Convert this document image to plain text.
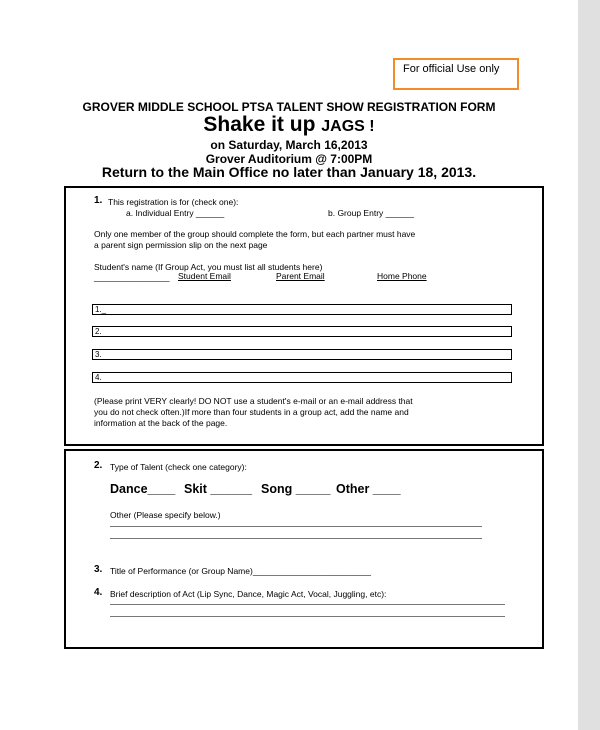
For official Use only
GROVER MIDDLE SCHOOL PTSA TALENT SHOW REGISTRATION FORM
Shake it up JAGS !
on Saturday, March 16,2013
Grover Auditorium @ 7:00PM
Return to the Main Office no later than January 18, 2013.
1. This registration is for (check one):
a. Individual Entry ______	b. Group Entry ______
Only one member of the group should complete the form, but each partner must have
a parent sign permission slip on the next page
Student's name (If Group Act, you must list all students here)
________________ Student Email	Parent Email	Home Phone
1._
2.
3.
4.
(Please print VERY clearly! DO NOT use a student's e-mail or an e-mail address that
you do not check often.)If more than four students in a group act, add the name and
information at the back of the page.
2. Type of Talent (check one category):
Dance____ Skit ______ Song _____ Other ____
Other (Please specify below.)
3. Title of Performance (or Group Name)_________________________
4. Brief description of Act (Lip Sync, Dance, Magic Act, Vocal, Juggling, etc):
